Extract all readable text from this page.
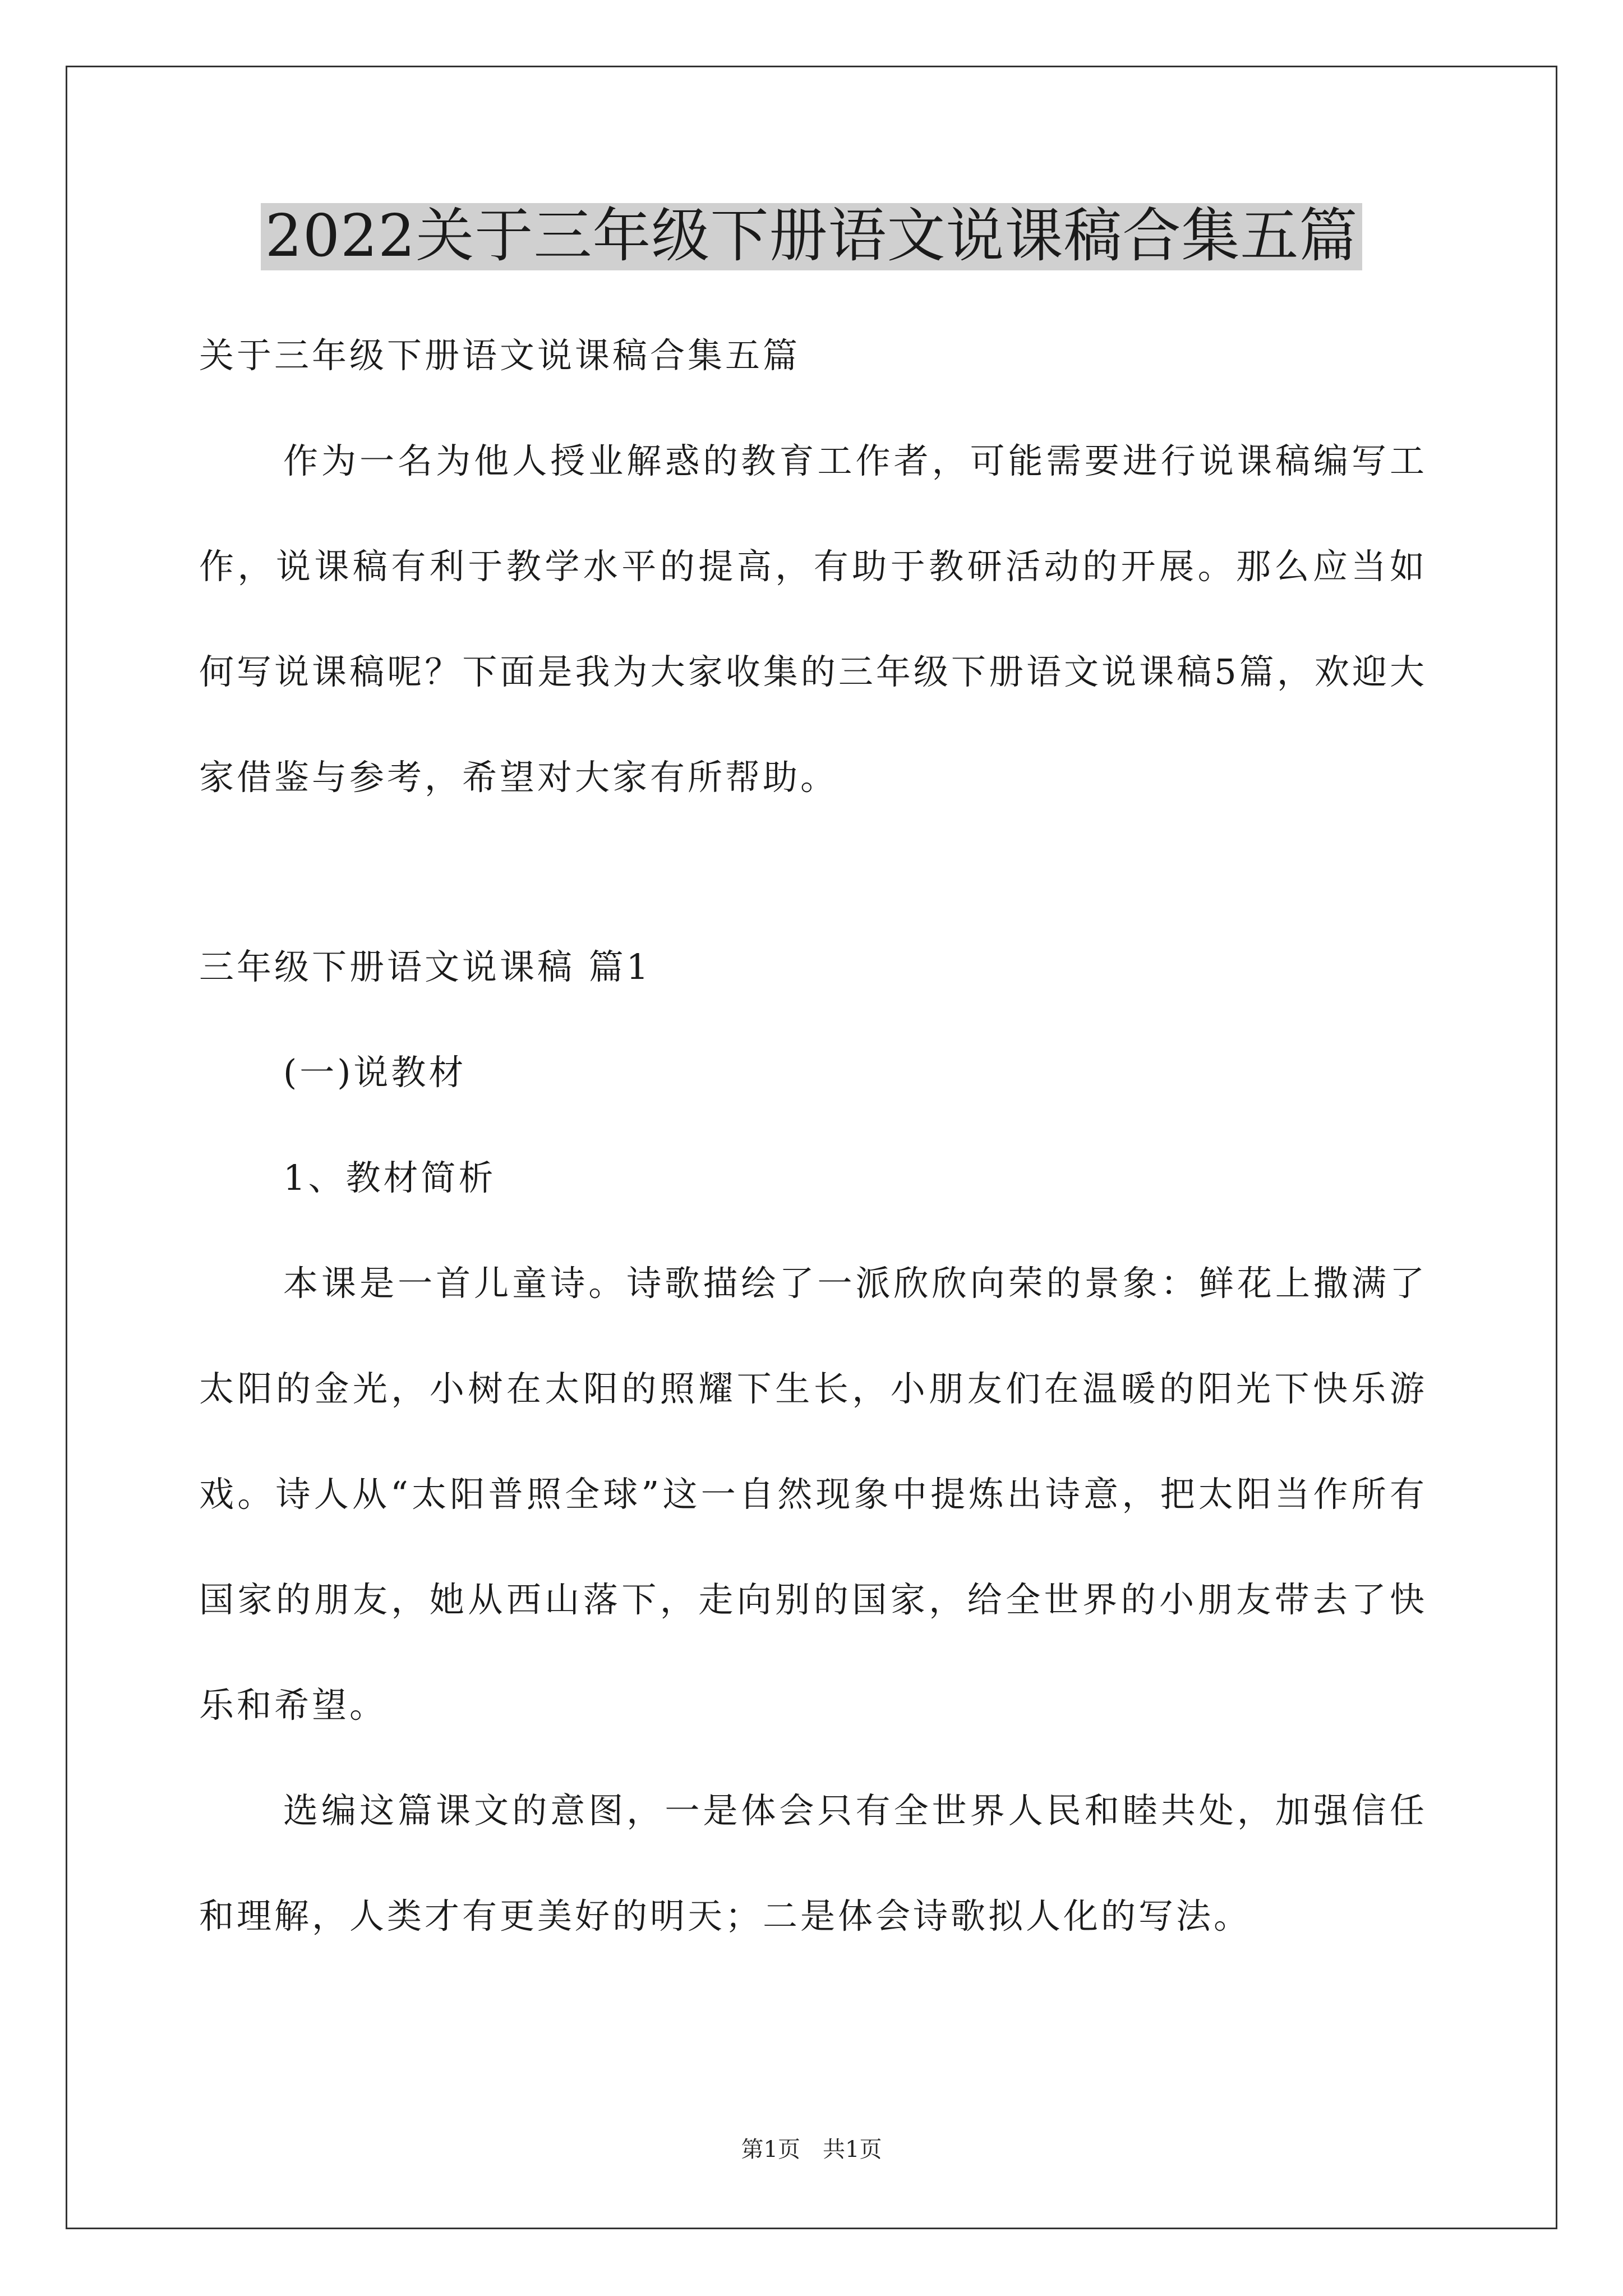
2022关于三年级下册语文说课稿合集五篇

关于三年级下册语文说课稿合集五篇

作为一名为他人授业解惑的教育工作者，可能需要进行说课稿编写工作，说课稿有利于教学水平的提高，有助于教研活动的开展。那么应当如何写说课稿呢？下面是我为大家收集的三年级下册语文说课稿5篇，欢迎大家借鉴与参考，希望对大家有所帮助。

三年级下册语文说课稿 篇1

(一)说教材

1、教材简析

本课是一首儿童诗。诗歌描绘了一派欣欣向荣的景象：鲜花上撒满了太阳的金光，小树在太阳的照耀下生长，小朋友们在温暖的阳光下快乐游戏。诗人从“太阳普照全球”这一自然现象中提炼出诗意，把太阳当作所有国家的朋友，她从西山落下，走向别的国家，给全世界的小朋友带去了快乐和希望。

选编这篇课文的意图，一是体会只有全世界人民和睦共处，加强信任和理解，人类才有更美好的明天；二是体会诗歌拟人化的写法。

第1页　共1页
